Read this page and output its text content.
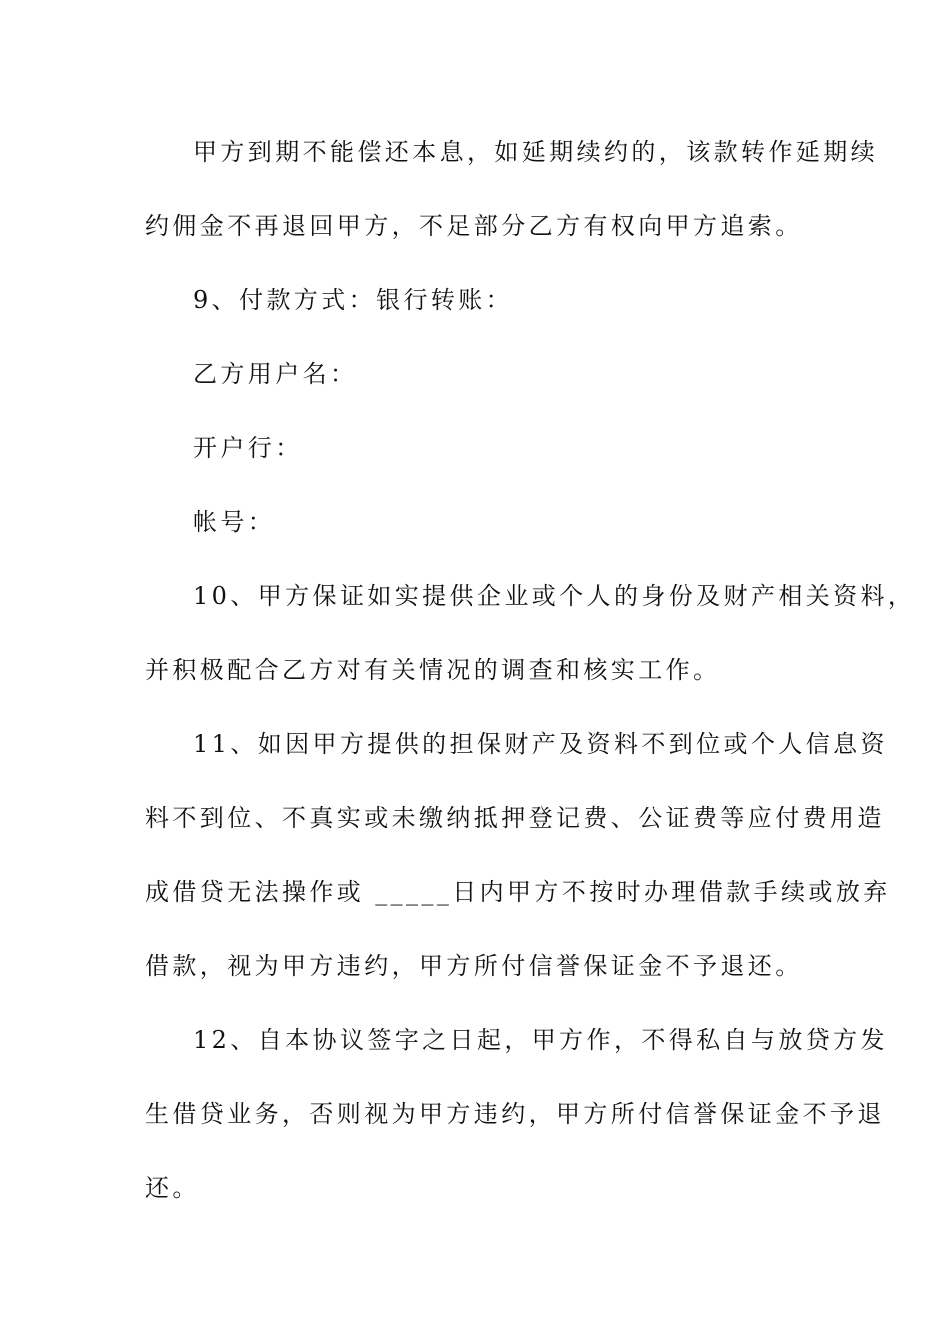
甲方到期不能偿还本息，如延期续约的，该款转作延期续
约佣金不再退回甲方，不足部分乙方有权向甲方追索。
9、付款方式：银行转账：
乙方用户名：
开户行：
帐号：
10、甲方保证如实提供企业或个人的身份及财产相关资料，
并积极配合乙方对有关情况的调查和核实工作。
11、如因甲方提供的担保财产及资料不到位或个人信息资
料不到位、不真实或未缴纳抵押登记费、公证费等应付费用造
成借贷无法操作或 _____日内甲方不按时办理借款手续或放弃
借款，视为甲方违约，甲方所付信誉保证金不予退还。
12、自本协议签字之日起，甲方作，不得私自与放贷方发
生借贷业务，否则视为甲方违约，甲方所付信誉保证金不予退
还。
